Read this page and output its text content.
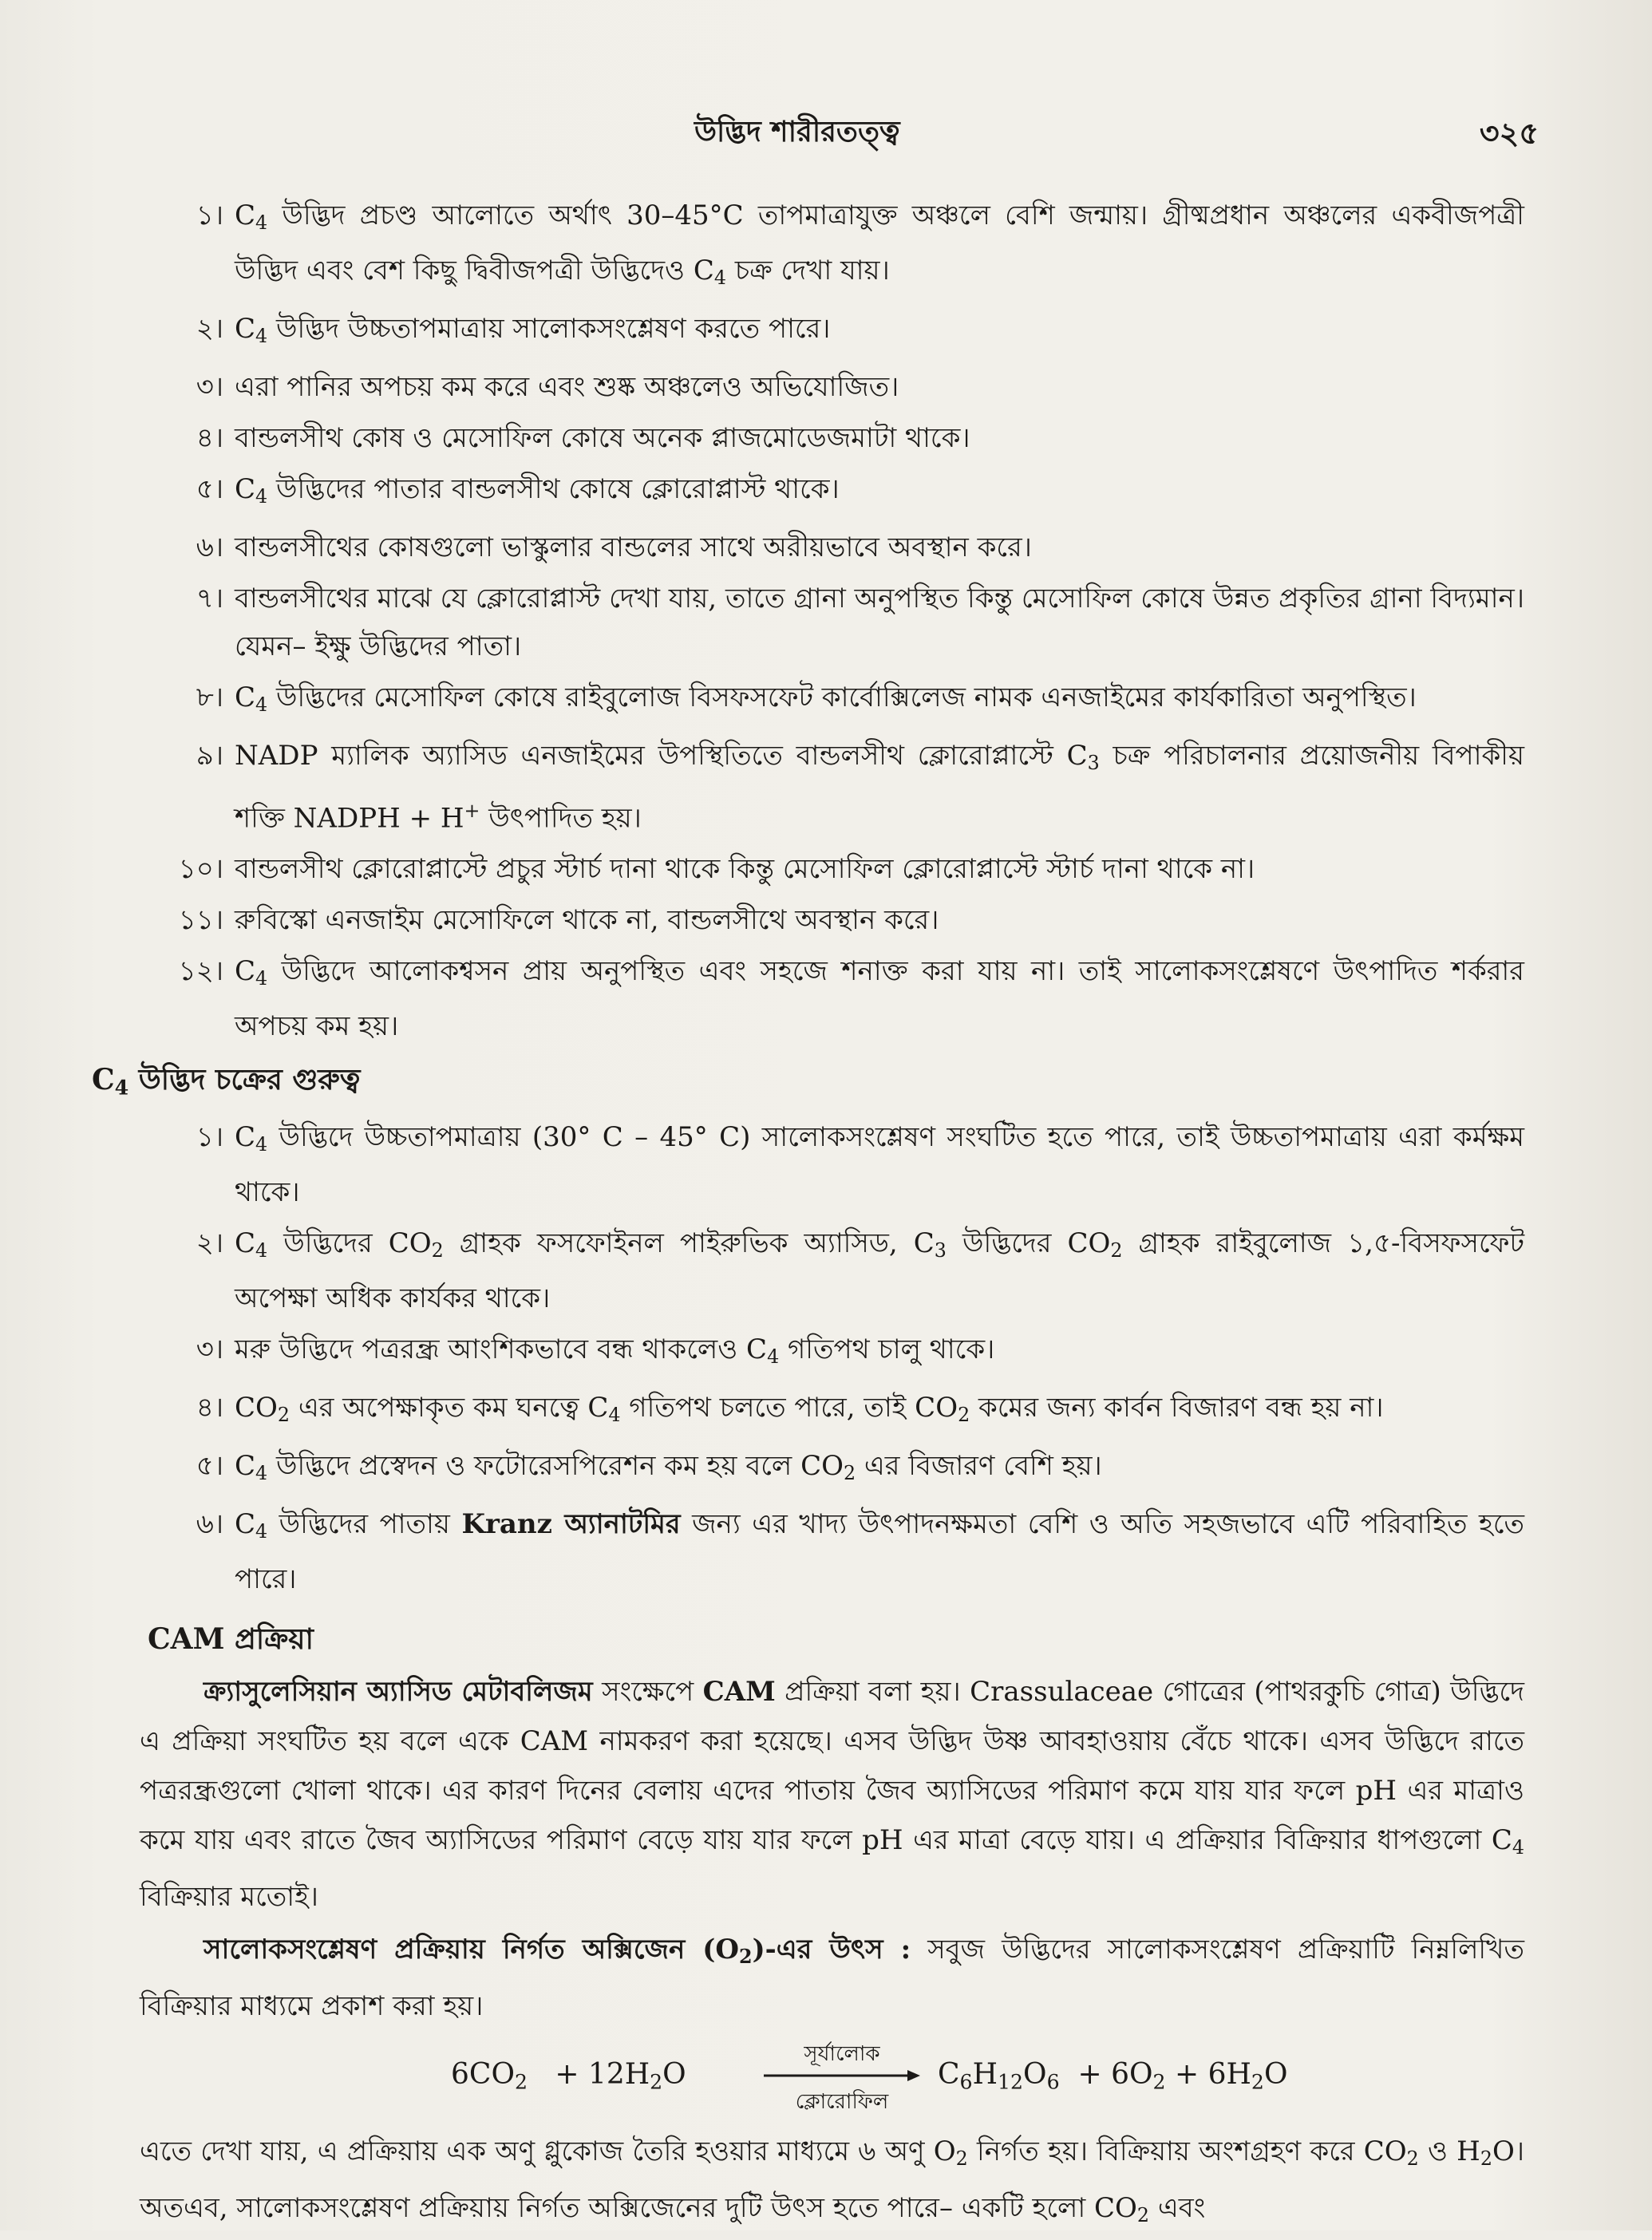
উদ্ভিদ শারীরতত্ত্ব	৩২৫
১। $C_4$ উদ্ভিদ প্রচণ্ড আলোতে অর্থাৎ 30–45°C তাপমাত্রাযুক্ত অঞ্চলে বেশি জন্মায়। গ্রীষ্মপ্রধান অঞ্চলের একবীজপত্রী উদ্ভিদ এবং বেশ কিছু দ্বিবীজপত্রী উদ্ভিদেও $C_4$ চক্র দেখা যায়।
২। $C_4$ উদ্ভিদ উচ্চতাপমাত্রায় সালোকসংশ্লেষণ করতে পারে।
৩। এরা পানির অপচয় কম করে এবং শুষ্ক অঞ্চলেও অভিযোজিত।
৪। বান্ডলসীথ কোষ ও মেসোফিল কোষে অনেক প্লাজমোডেজমাটা থাকে।
৫। $C_4$ উদ্ভিদের পাতার বান্ডলসীথ কোষে ক্লোরোপ্লাস্ট থাকে।
৬। বান্ডলসীথের কোষগুলো ভাস্কুলার বান্ডলের সাথে অরীয়ভাবে অবস্থান করে।
৭। বান্ডলসীথের মাঝে যে ক্লোরোপ্লাস্ট দেখা যায়, তাতে গ্রানা অনুপস্থিত কিন্তু মেসোফিল কোষে উন্নত প্রকৃতির গ্রানা বিদ্যমান। যেমন– ইক্ষু উদ্ভিদের পাতা।
৮। $C_4$ উদ্ভিদের মেসোফিল কোষে রাইবুলোজ বিসফসফেট কার্বোক্সিলেজ নামক এনজাইমের কার্যকারিতা অনুপস্থিত।
৯। NADP ম্যালিক অ্যাসিড এনজাইমের উপস্থিতিতে বান্ডলসীথ ক্লোরোপ্লাস্টে $C_3$ চক্র পরিচালনার প্রয়োজনীয় বিপাকীয় শক্তি NADPH + H+ উৎপাদিত হয়।
১০। বান্ডলসীথ ক্লোরোপ্লাস্টে প্রচুর স্টার্চ দানা থাকে কিন্তু মেসোফিল ক্লোরোপ্লাস্টে স্টার্চ দানা থাকে না।
১১। রুবিস্কো এনজাইম মেসোফিলে থাকে না, বান্ডলসীথে অবস্থান করে।
১২। $C_4$ উদ্ভিদে আলোকশ্বসন প্রায় অনুপস্থিত এবং সহজে শনাক্ত করা যায় না। তাই সালোকসংশ্লেষণে উৎপাদিত শর্করার অপচয় কম হয়।
$C_4$ উদ্ভিদ চক্রের গুরুত্ব
১। $C_4$ উদ্ভিদে উচ্চতাপমাত্রায় (30° C – 45° C) সালোকসংশ্লেষণ সংঘটিত হতে পারে, তাই উচ্চতাপমাত্রায় এরা কর্মক্ষম থাকে।
২। $C_4$ উদ্ভিদের $CO_2$ গ্রাহক ফসফোইনল পাইরুভিক অ্যাসিড, $C_3$ উদ্ভিদের $CO_2$ গ্রাহক রাইবুলোজ ১,৫-বিসফসফেট অপেক্ষা অধিক কার্যকর থাকে।
৩। মরু উদ্ভিদে পত্ররন্ধ্র আংশিকভাবে বন্ধ থাকলেও $C_4$ গতিপথ চালু থাকে।
৪। $CO_2$ এর অপেক্ষাকৃত কম ঘনত্বে $C_4$ গতিপথ চলতে পারে, তাই $CO_2$ কমের জন্য কার্বন বিজারণ বন্ধ হয় না।
৫। $C_4$ উদ্ভিদে প্রস্বেদন ও ফটোরেসপিরেশন কম হয় বলে $CO_2$ এর বিজারণ বেশি হয়।
৬। $C_4$ উদ্ভিদের পাতায় Kranz অ্যানাটমির জন্য এর খাদ্য উৎপাদনক্ষমতা বেশি ও অতি সহজভাবে এটি পরিবাহিত হতে পারে।
CAM প্রক্রিয়া
ক্র্যাসুলেসিয়ান অ্যাসিড মেটাবলিজম সংক্ষেপে CAM প্রক্রিয়া বলা হয়। Crassulaceae গোত্রের (পাথরকুচি গোত্র) উদ্ভিদে এ প্রক্রিয়া সংঘটিত হয় বলে একে CAM নামকরণ করা হয়েছে। এসব উদ্ভিদ উষ্ণ আবহাওয়ায় বেঁচে থাকে। এসব উদ্ভিদে রাতে পত্ররন্ধ্রগুলো খোলা থাকে। এর কারণ দিনের বেলায় এদের পাতায় জৈব অ্যাসিডের পরিমাণ কমে যায় যার ফলে pH এর মাত্রাও কমে যায় এবং রাতে জৈব অ্যাসিডের পরিমাণ বেড়ে যায় যার ফলে pH এর মাত্রা বেড়ে যায়। এ প্রক্রিয়ার বিক্রিয়ার ধাপগুলো $C_4$ বিক্রিয়ার মতোই।
সালোকসংশ্লেষণ প্রক্রিয়ায় নির্গত অক্সিজেন $(O_2)-এর$ উৎস : সবুজ উদ্ভিদের সালোকসংশ্লেষণ প্রক্রিয়াটি নিম্নলিখিত বিক্রিয়ার মাধ্যমে প্রকাশ করা হয়।
$6CO_2 + 12H_2O$
সূর্যালোক
ক্লোরোফিল
$C_6H_{12}O_6 + 6O_2 + 6H_2O$
এতে দেখা যায়, এ প্রক্রিয়ায় এক অণু গ্লুকোজ তৈরি হওয়ার মাধ্যমে ৬ অণু $O_2$ নির্গত হয়। বিক্রিয়ায় অংশগ্রহণ করে $CO_2$ ও $H_2O।$ অতএব, সালোকসংশ্লেষণ প্রক্রিয়ায় নির্গত অক্সিজেনের দুটি উৎস হতে পারে– একটি হলো $CO_2$ এবং
